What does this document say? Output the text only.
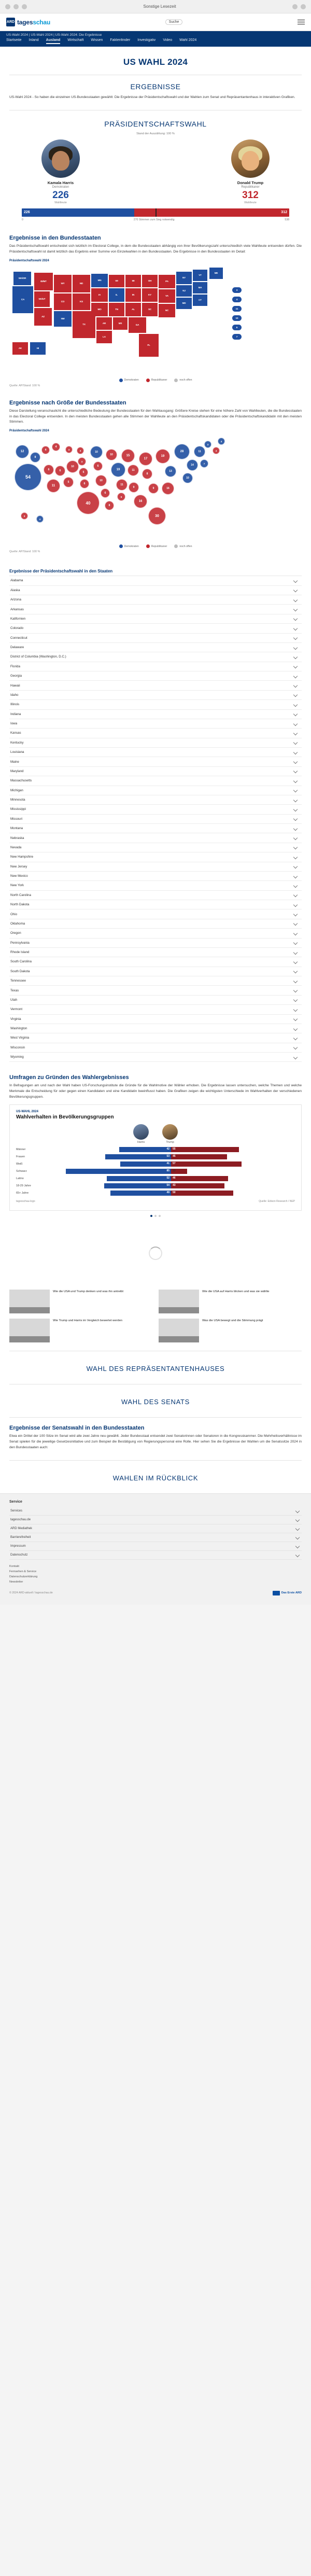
Sonstige Lesezeit
ARD tagesschau	Suche
US-Wahl 2024 | US-Wahl 2024 | US-Wahl 2024: Die Ergebnisse
Startseite Inland Ausland Wirtschaft Wissen Faktenfinder Investigativ Video Wahl 2024
US WAHL 2024
ERGEBNISSE

US-Wahl 2024 - So haben die einzelnen US-Bundesstaaten gewählt: Die Ergebnisse der Präsidentschaftswahl und der Wahlen zum Senat und Repräsentantenhaus in interaktiven Grafiken.

PRÄSIDENTSCHAFTSWAHL
Stand der Auszählung: 100 %
Kamala Harris
Demokraten
226
Wahlleute
Donald Trump
Republikaner
312
Wahlleute
226	312
0	270 Stimmen zum Sieg notwendig	538
Ergebnisse in den Bundesstaaten

Das Präsidentschaftswahl entscheidet sich letztlich im Electoral College, in dem die Bundesstaaten abhängig von ihrer Bevölkerungszahl unterschiedlich viele Wahlleute entsenden dürfen. Die Präsidentschaftswahl ist damit letztlich das Ergebnis einer Summe von Einzelwahlen in den Bundesstaaten. Die Ergebnisse in den Bundesstaaten im Detail:

Präsidentschaftswahl 2024
CA
WA/OR
ID/MT
NV/UT
AZ
WY
CO
NM
ND
KS
TX
MN
IA
MO
AR
LA
WI
IL
TN
MS
MI
IN
AL
GA
OH
KY
SC
FL
PA
VA
NC
NY
NJ
MD
VT
MA
CT
ME
3
4
11
10
6
7
AK	HI
Demokraten	Republikaner	noch offen
Quelle: AP/Stand: 100 %
Ergebnisse nach Größe der Bundesstaaten

Diese Darstellung veranschaulicht die unterschiedliche Bedeutung der Bundesstaaten für den Wahlausgang: Größere Kreise stehen für eine höhere Zahl von Wahlleuten, die die Bundesstaaten in das Electoral College entsenden. In den meisten Bundesstaaten gehen alle Stimmen der Wahlleute an den Präsidentschaftskandidaten oder die Präsidentschaftskandidatin mit den meisten Stimmen.

Präsidentschaftswahl 2024
54
12
8
4
4
6	6
11
5
10
3	3
3
5
6
40
10
6
10
6
8
10
19
11
6
15
11
9
16
17
8
9
30
19
13
16
28
14
10
11
7
3
4
4
3
4
Demokraten	Republikaner	noch offen
Quelle: AP/Stand: 100 %
Ergebnisse der Präsidentschaftswahl in den Staaten
Alabama
Alaska
Arizona
Arkansas
Kalifornien
Colorado
Connecticut
Delaware
District of Columbia (Washington, D.C.)
Florida
Georgia
Hawaii
Idaho
Illinois
Indiana
Iowa
Kansas
Kentucky
Louisiana
Maine
Maryland
Massachusetts
Michigan
Minnesota
Mississippi
Missouri
Montana
Nebraska
Nevada
New Hampshire
New Jersey
New Mexico
New York
North Carolina
North Dakota
Ohio
Oklahoma
Oregon
Pennsylvania
Rhode Island
South Carolina
South Dakota
Tennessee
Texas
Utah
Vermont
Virginia
Washington
West Virginia
Wisconsin
Wyoming
Umfragen zu Gründen des Wahlergebnisses

In Befragungen am und nach der Wahl haben US-Forschungsinstitute die Gründe für die Wahlmotive der Wähler erhoben. Die Ergebnisse lassen untersuchen, welche Themen und welche Merkmale die Entscheidung für oder gegen einen Kandidaten und eine Kandidatin beeinflusst haben. Die Grafiken zeigen die wichtigsten Unterschiede im Wahlverhalten der verschiedenen Bevölkerungsgruppen.

US-WAHL 2024
Wahlverhalten in Bevölkerungsgruppen
Harris	Trump
Männer	42 55
Frauen	53 45
Weiß	41 57
Schwarz	85 13
Latino	52 46
18-29 Jahre	54 43
65+ Jahre	49 50
tagesschau-logo	Quelle: Edison Research / NEP
Wie die USA und Trump denken und was ihn antreibt	Wie die USA auf Harris blicken und was sie wählte
Wie Trump und Harris im Vergleich bewertet werden	Was die USA bewegt und die Stimmung prägt
WAHL DES REPRÄSENTANTENHAUSES
WAHL DES SENATS
Ergebnisse der Senatswahl in den Bundesstaaten

Etwa ein Drittel der 100 Sitze im Senat wird alle zwei Jahre neu gewählt. Jeder Bundesstaat entsendet zwei Senatorinnen oder Senatoren in die Kongresskammer. Die Mehrheitsverhältnisse im Senat spielen für die jeweilige Gesetzesinitiative und zum Beispiel die Bestätigung von Regierungspersonal eine Rolle. Hier sehen Sie die Ergebnisse der Wahlen um die Senatssitze 2024 in den Bundesstaaten auch:

WAHLEN IM RÜCKBLICK
Service
Services
tagesschau.de
ARD Mediathek
Barrierefreiheit
Impressum
Datenschutz
Kontakt
Fernsehen & Service
Datenschutzerklärung
Newsletter
© 2024 ARD-aktuell / tagesschau.de	Das Erste ARD
